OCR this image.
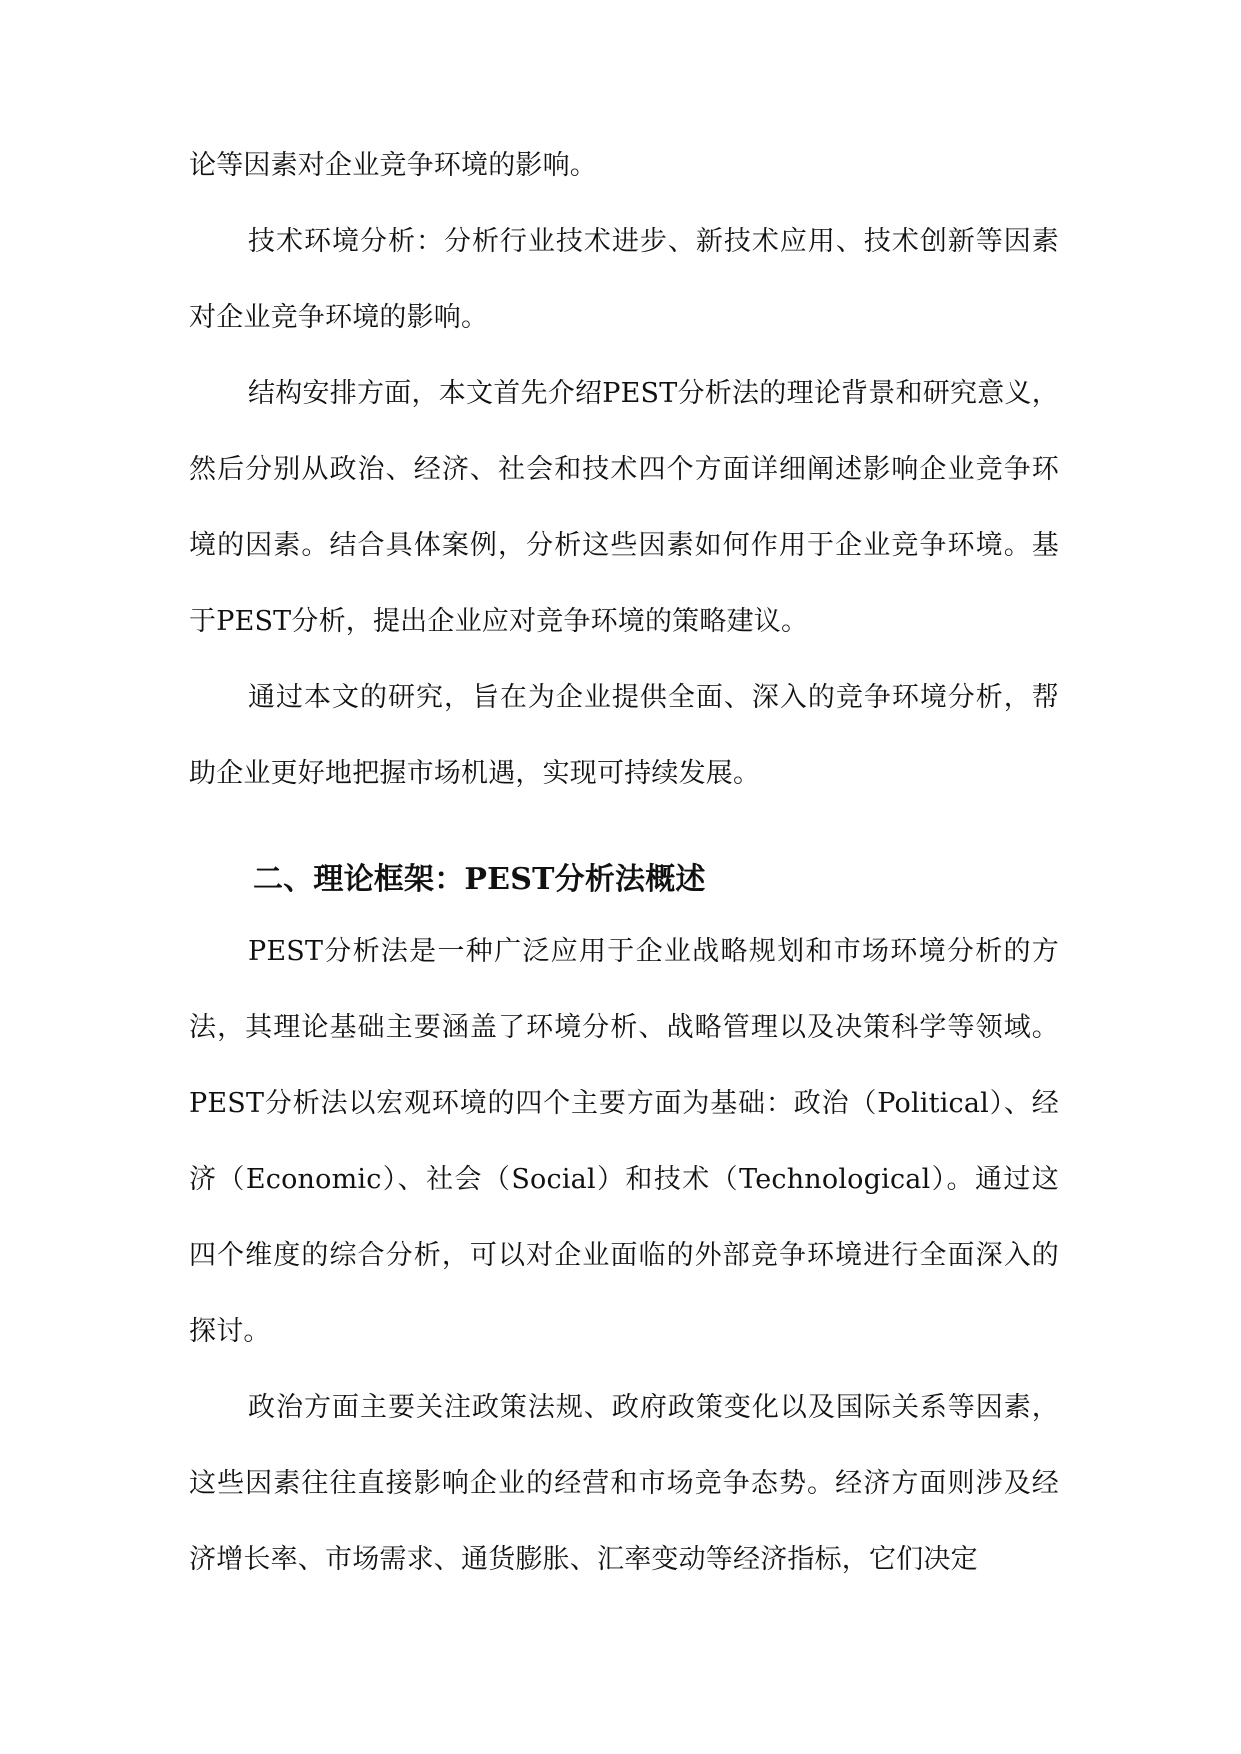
论等因素对企业竞争环境的影响。

技术环境分析：分析行业技术进步、新技术应用、技术创新等因素对企业竞争环境的影响。

结构安排方面，本文首先介绍PEST分析法的理论背景和研究意义，然后分别从政治、经济、社会和技术四个方面详细阐述影响企业竞争环境的因素。结合具体案例，分析这些因素如何作用于企业竞争环境。基于PEST分析，提出企业应对竞争环境的策略建议。

通过本文的研究，旨在为企业提供全面、深入的竞争环境分析，帮助企业更好地把握市场机遇，实现可持续发展。

二、理论框架：PEST分析法概述

PEST分析法是一种广泛应用于企业战略规划和市场环境分析的方法，其理论基础主要涵盖了环境分析、战略管理以及决策科学等领域。PEST分析法以宏观环境的四个主要方面为基础：政治（Political）、经济（Economic）、社会（Social）和技术（Technological）。通过这四个维度的综合分析，可以对企业面临的外部竞争环境进行全面深入的探讨。

政治方面主要关注政策法规、政府政策变化以及国际关系等因素，这些因素往往直接影响企业的经营和市场竞争态势。经济方面则涉及经济增长率、市场需求、通货膨胀、汇率变动等经济指标，它们决定
